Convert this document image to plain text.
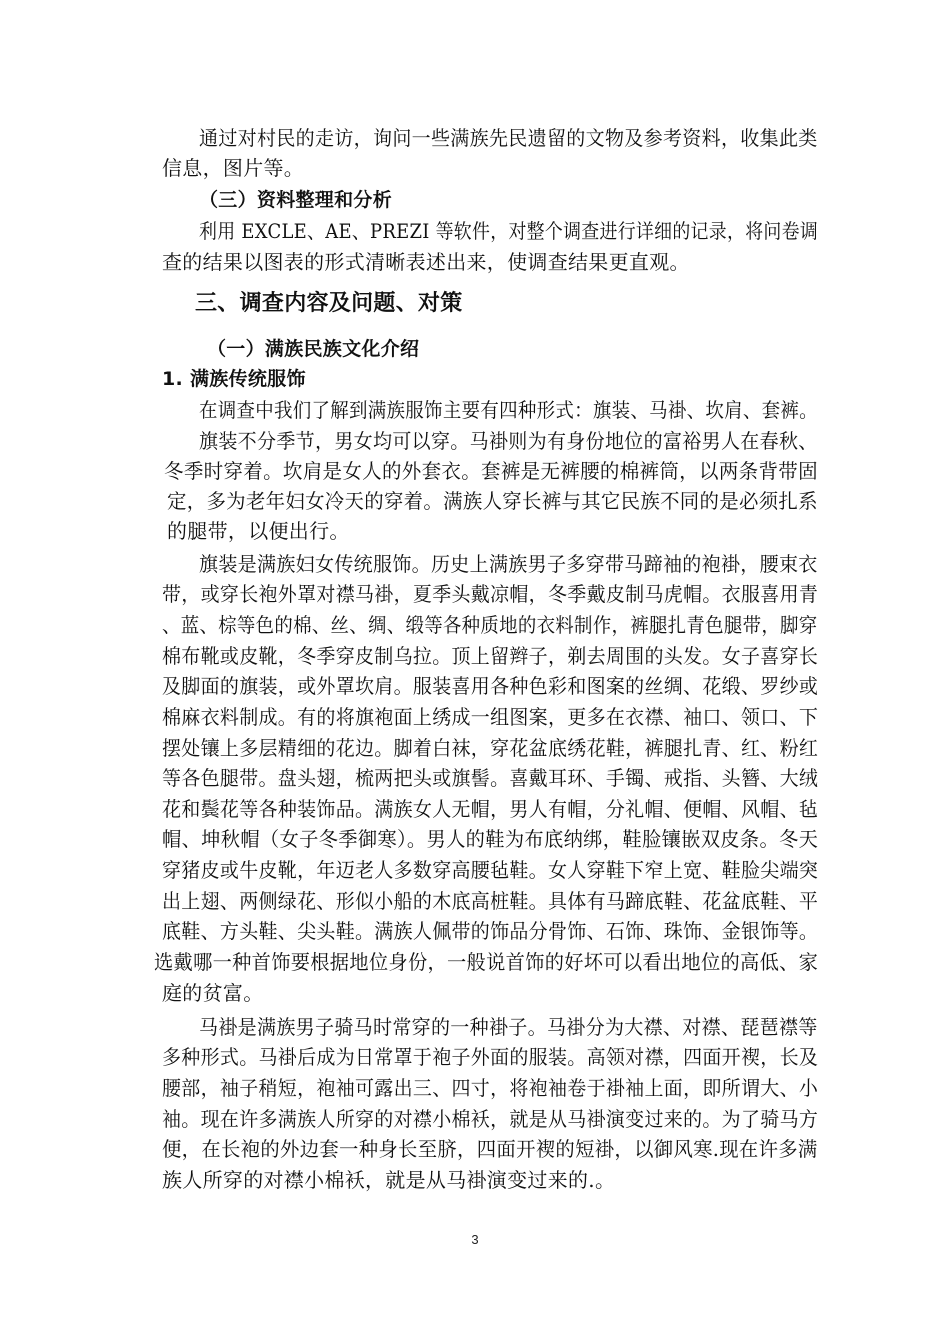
通过对村民的走访，询问一些满族先民遗留的文物及参考资料，收集此类
信息，图片等。
（三）资料整理和分析
利用 EXCLE、AE、PREZI 等软件，对整个调查进行详细的记录，将问卷调
查的结果以图表的形式清晰表述出来，使调查结果更直观。
三、调查内容及问题、对策
（一）满族民族文化介绍
1. 满族传统服饰
在调查中我们了解到满族服饰主要有四种形式：旗装、马褂、坎肩、套裤。
旗装不分季节，男女均可以穿。马褂则为有身份地位的富裕男人在春秋、
冬季时穿着。坎肩是女人的外套衣。套裤是无裤腰的棉裤筒，以两条背带固
定，多为老年妇女冷天的穿着。满族人穿长裤与其它民族不同的是必须扎系
的腿带，以便出行。
旗装是满族妇女传统服饰。历史上满族男子多穿带马蹄袖的袍褂，腰束衣
带，或穿长袍外罩对襟马褂，夏季头戴凉帽，冬季戴皮制马虎帽。衣服喜用青
、蓝、棕等色的棉、丝、绸、缎等各种质地的衣料制作，裤腿扎青色腿带，脚穿
棉布靴或皮靴，冬季穿皮制乌拉。顶上留辫子，剃去周围的头发。女子喜穿长
及脚面的旗装，或外罩坎肩。服装喜用各种色彩和图案的丝绸、花缎、罗纱或
棉麻衣料制成。有的将旗袍面上绣成一组图案，更多在衣襟、袖口、领口、下
摆处镶上多层精细的花边。脚着白袜，穿花盆底绣花鞋，裤腿扎青、红、粉红
等各色腿带。盘头翅，梳两把头或旗髻。喜戴耳环、手镯、戒指、头簪、大绒
花和鬓花等各种装饰品。满族女人无帽，男人有帽，分礼帽、便帽、风帽、毡
帽、坤秋帽（女子冬季御寒）。男人的鞋为布底纳绑，鞋脸镶嵌双皮条。冬天
穿猪皮或牛皮靴，年迈老人多数穿高腰毡鞋。女人穿鞋下窄上宽、鞋脸尖端突
出上翅、两侧绿花、形似小船的木底高桩鞋。具体有马蹄底鞋、花盆底鞋、平
底鞋、方头鞋、尖头鞋。满族人佩带的饰品分骨饰、石饰、珠饰、金银饰等。
选戴哪一种首饰要根据地位身份，一般说首饰的好坏可以看出地位的高低、家
庭的贫富。
马褂是满族男子骑马时常穿的一种褂子。马褂分为大襟、对襟、琵琶襟等
多种形式。马褂后成为日常罩于袍子外面的服装。高领对襟，四面开褉，长及
腰部，袖子稍短，袍袖可露出三、四寸，将袍袖卷于褂袖上面，即所谓大、小
袖。现在许多满族人所穿的对襟小棉袄，就是从马褂演变过来的。为了骑马方
便，在长袍的外边套一种身长至脐，四面开褉的短褂，以御风寒.现在许多满
族人所穿的对襟小棉袄，就是从马褂演变过来的.。
3
